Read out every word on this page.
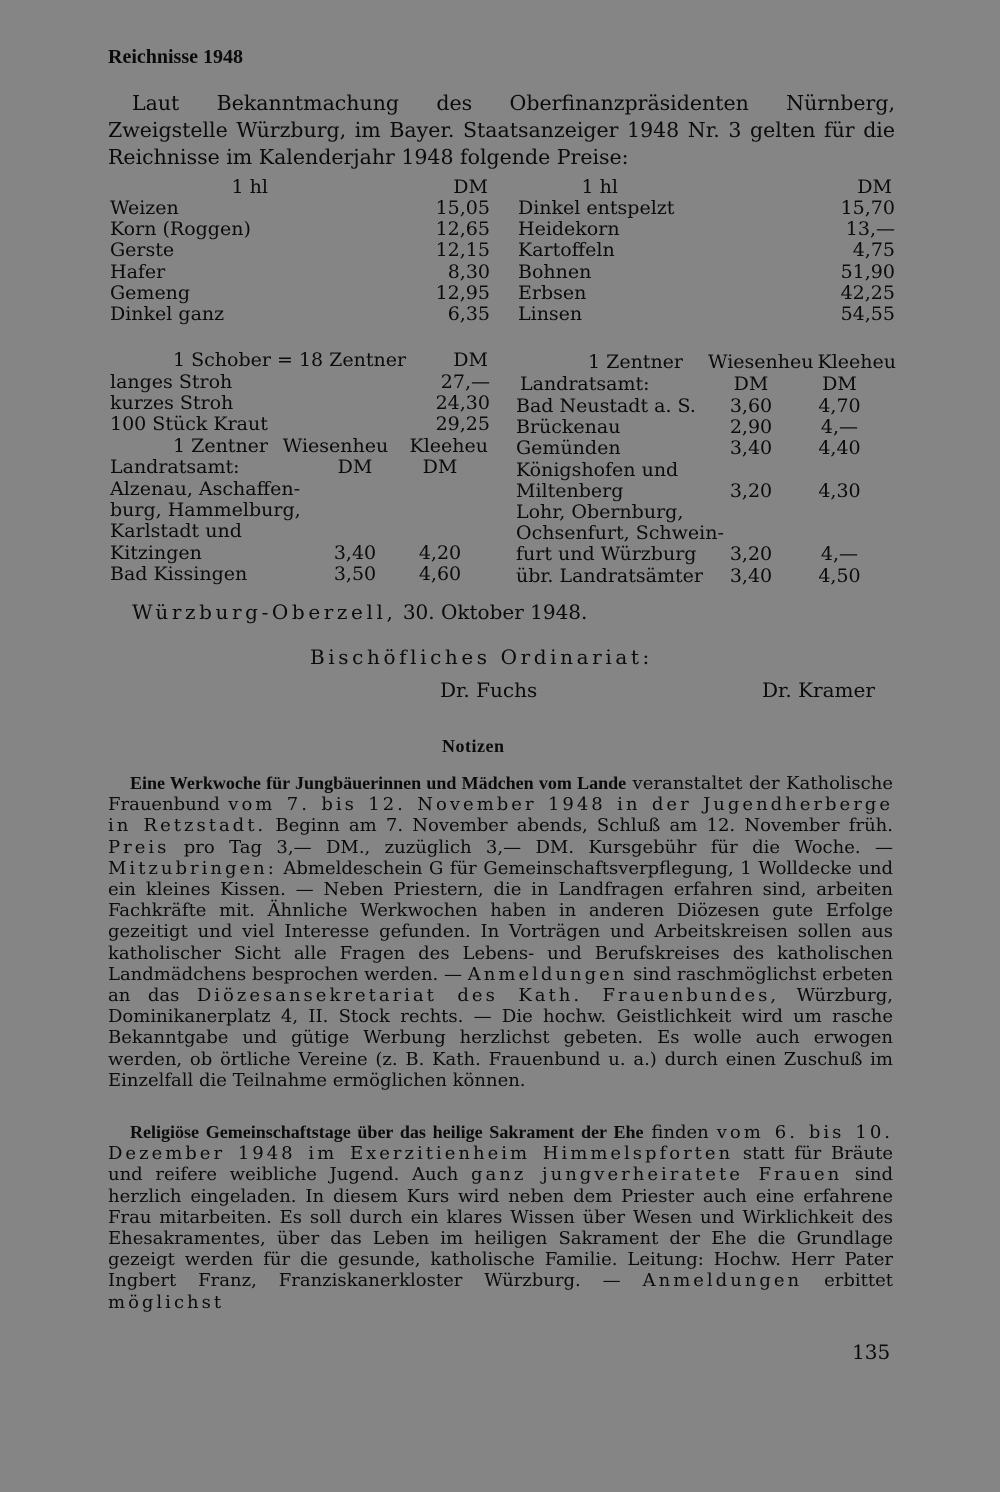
Reichnisse 1948
Laut Bekanntmachung des Oberfinanzpräsidenten Nürnberg, Zweigstelle Würzburg, im Bayer. Staatsanzeiger 1948 Nr. 3 gelten für die Reichnisse im Kalenderjahr 1948 folgende Preise:
1 hl	DM
Weizen	15,05
Korn (Roggen)	12,65
Gerste	12,15
Hafer	8,30
Gemeng	12,95
Dinkel ganz	6,35
1 hl	DM
Dinkel entspelzt	15,70
Heidekorn	13,—
Kartoffeln	4,75
Bohnen	51,90
Erbsen	42,25
Linsen	54,55
1 Schober = 18 Zentner	DM
langes Stroh	27,—
kurzes Stroh	24,30
100 Stück Kraut	29,25
1 Zentner Wiesenheu	Kleeheu
Landratsamt:	DM	DM
Alzenau, Aschaffen-
burg, Hammelburg,
Karlstadt und
Kitzingen	3,40	4,20
Bad Kissingen	3,50	4,60
1 Zentner	Wiesenheu Kleeheu
Landratsamt:	DM	DM
Bad Neustadt a. S.	3,60	4,70
Brückenau	2,90	4,—
Gemünden	3,40	4,40
Königshofen und
Miltenberg	3,20	4,30
Lohr, Obernburg,
Ochsenfurt, Schwein-
furt und Würzburg	3,20	4,—
übr. Landratsämter	3,40	4,50
Würzburg-Oberzell, 30. Oktober 1948.
Bischöfliches Ordinariat:
Dr. Fuchs	Dr. Kramer
Notizen
Eine Werkwoche für Jungbäuerinnen und Mädchen vom Lande veranstaltet der Katholische Frauenbund vom 7. bis 12. November 1948 in der Jugendherberge in Retzstadt. Beginn am 7. November abends, Schluß am 12. November früh. Preis pro Tag 3,— DM., zuzüglich 3,— DM. Kursgebühr für die Woche. — Mitzubringen: Abmeldeschein G für Gemeinschaftsverpflegung, 1 Wolldecke und ein kleines Kissen. — Neben Priestern, die in Landfragen erfahren sind, arbeiten Fachkräfte mit. Ähnliche Werkwochen haben in anderen Diözesen gute Erfolge gezeitigt und viel Interesse gefunden. In Vorträgen und Arbeitskreisen sollen aus katholischer Sicht alle Fragen des Lebens- und Berufskreises des katholischen Landmädchens besprochen werden. — Anmeldungen sind raschmöglichst erbeten an das Diözesansekretariat des Kath. Frauenbundes, Würzburg, Dominikanerplatz 4, II. Stock rechts. — Die hochw. Geistlichkeit wird um rasche Bekanntgabe und gütige Werbung herzlichst gebeten. Es wolle auch erwogen werden, ob örtliche Vereine (z. B. Kath. Frauenbund u. a.) durch einen Zuschuß im Einzelfall die Teilnahme ermöglichen können.
Religiöse Gemeinschaftstage über das heilige Sakrament der Ehe finden vom 6. bis 10. Dezember 1948 im Exerzitienheim Himmelspforten statt für Bräute und reifere weibliche Jugend. Auch ganz jungverheiratete Frauen sind herzlich eingeladen. In diesem Kurs wird neben dem Priester auch eine erfahrene Frau mitarbeiten. Es soll durch ein klares Wissen über Wesen und Wirklichkeit des Ehesakramentes, über das Leben im heiligen Sakrament der Ehe die Grundlage gezeigt werden für die gesunde, katholische Familie. Leitung: Hochw. Herr Pater Ingbert Franz, Franziskanerkloster Würzburg. — Anmeldungen erbittet möglichst
135
